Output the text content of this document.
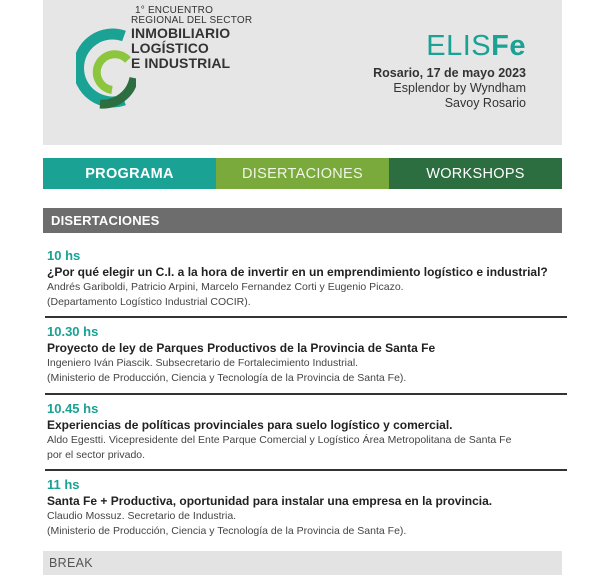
1° ENCUENTRO
REGIONAL DEL SECTOR
INMOBILIARIO
LOGÍSTICO
E INDUSTRIAL
ELISFe
Rosario, 17 de mayo 2023
Esplendor by Wyndham
Savoy Rosario
PROGRAMA	DISERTACIONES	WORKSHOPS
DISERTACIONES
10 hs
¿Por qué elegir un C.I. a la hora de invertir en un emprendimiento logístico e industrial?
Andrés Gariboldi, Patricio Arpini, Marcelo Fernandez Corti y Eugenio Picazo.
(Departamento Logístico Industrial COCIR).
10.30 hs
Proyecto de ley de Parques Productivos de la Provincia de Santa Fe
Ingeniero Iván Piascik. Subsecretario de Fortalecimiento Industrial.
(Ministerio de Producción, Ciencia y Tecnología de la Provincia de Santa Fe).
10.45 hs
Experiencias de políticas provinciales para suelo logístico y comercial.
Aldo Egestti. Vicepresidente del Ente Parque Comercial y Logístico Área Metropolitana de Santa Fe
por el sector privado.
11 hs
Santa Fe + Productiva, oportunidad para instalar una empresa en la provincia.
Claudio Mossuz. Secretario de Industria.
(Ministerio de Producción, Ciencia y Tecnología de la Provincia de Santa Fe).
BREAK
